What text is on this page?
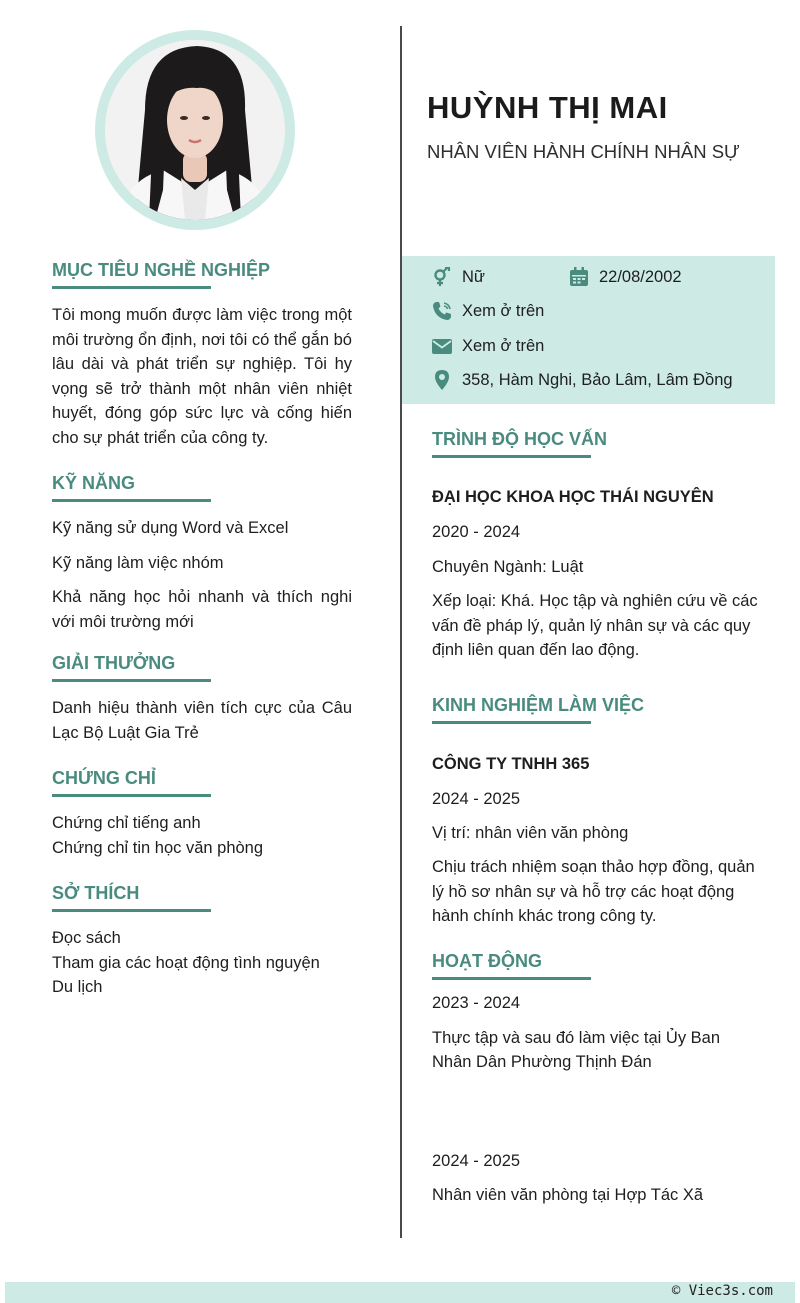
HUỲNH THỊ MAI
NHÂN VIÊN HÀNH CHÍNH NHÂN SỰ
Nữ	22/08/2002
Xem ở trên
Xem ở trên
358, Hàm Nghi, Bảo Lâm, Lâm Đồng
MỤC TIÊU NGHỀ NGHIỆP

Tôi mong muốn được làm việc trong một môi trường ổn định, nơi tôi có thể gắn bó lâu dài và phát triển sự nghiệp. Tôi hy vọng sẽ trở thành một nhân viên nhiệt huyết, đóng góp sức lực và cống hiến cho sự phát triển của công ty.

KỸ NĂNG

Kỹ năng sử dụng Word và Excel

Kỹ năng làm việc nhóm

Khả năng học hỏi nhanh và thích nghi với môi trường mới

GIẢI THƯỞNG

Danh hiệu thành viên tích cực của Câu Lạc Bộ Luật Gia Trẻ

CHỨNG CHỈ

Chứng chỉ tiếng anh

Chứng chỉ tin học văn phòng

SỞ THÍCH

Đọc sách

Tham gia các hoạt động tình nguyện

Du lịch

TRÌNH ĐỘ HỌC VẤN

ĐẠI HỌC KHOA HỌC THÁI NGUYÊN

2020 - 2024

Chuyên Ngành: Luật

Xếp loại: Khá. Học tập và nghiên cứu về các vấn đề pháp lý, quản lý nhân sự và các quy định liên quan đến lao động.

KINH NGHIỆM LÀM VIỆC

CÔNG TY TNHH 365

2024 - 2025

Vị trí: nhân viên văn phòng

Chịu trách nhiệm soạn thảo hợp đồng, quản lý hồ sơ nhân sự và hỗ trợ các hoạt động hành chính khác trong công ty.

HOẠT ĐỘNG

2023 - 2024

Thực tập và sau đó làm việc tại Ủy Ban Nhân Dân Phường Thịnh Đán

2024 - 2025

Nhân viên văn phòng tại Hợp Tác Xã

© Viec3s.com
